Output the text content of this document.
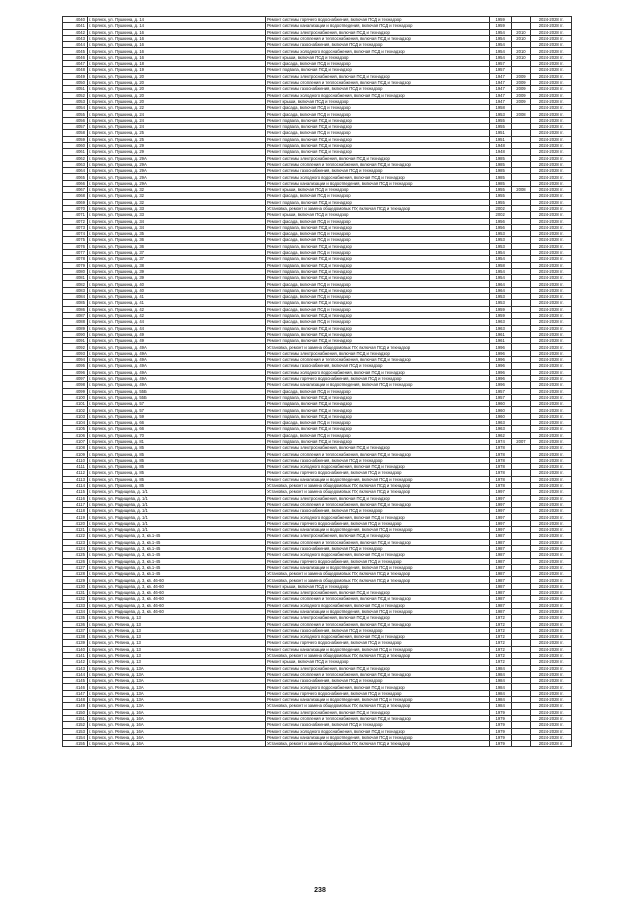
4040	г. Брянск, ул. Пушкина, д. 14	Ремонт системы горячего водоснабжения, включая ПСД и технадзор	1959		2024-2028 гг.
4041	г. Брянск, ул. Пушкина, д. 14	Ремонт системы канализации и водоотведения, включая ПСД и технадзор	1959		2024-2028 гг.
4042	г. Брянск, ул. Пушкина, д. 16	Ремонт системы электроснабжения, включая ПСД и технадзор	1954	2010	2024-2028 гг.
4043	г. Брянск, ул. Пушкина, д. 16	Ремонт системы отопления и теплоснабжения, включая ПСД и технадзор	1954	2010	2024-2028 гг.
4044	г. Брянск, ул. Пушкина, д. 16	Ремонт системы газоснабжения, включая ПСД и технадзор	1954		2024-2028 гг.
4045	г. Брянск, ул. Пушкина, д. 16	Ремонт системы холодного водоснабжения, включая ПСД и технадзор	1954	2010	2024-2028 гг.
4046	г. Брянск, ул. Пушкина, д. 16	Ремонт крыши, включая ПСД и технадзор	1954	2010	2024-2028 гг.
4047	г. Брянск, ул. Пушкина, д. 18	Ремонт фасада, включая ПСД и технадзор	1957		2024-2028 гг.
4048	г. Брянск, ул. Пушкина, д. 19	Ремонт подвала, включая ПСД и технадзор	1957		2024-2028 гг.
4049	г. Брянск, ул. Пушкина, д. 20	Ремонт системы электроснабжения, включая ПСД и технадзор	1947	2009	2024-2028 гг.
4050	г. Брянск, ул. Пушкина, д. 20	Ремонт системы отопления и теплоснабжения, включая ПСД и технадзор	1947	2009	2024-2028 гг.
4051	г. Брянск, ул. Пушкина, д. 20	Ремонт системы газоснабжения, включая ПСД и технадзор	1947	2009	2024-2028 гг.
4052	г. Брянск, ул. Пушкина, д. 20	Ремонт системы холодного водоснабжения, включая ПСД и технадзор	1947	2009	2024-2028 гг.
4053	г. Брянск, ул. Пушкина, д. 20	Ремонт крыши, включая ПСД и технадзор	1947	2009	2024-2028 гг.
4054	г. Брянск, ул. Пушкина, д. 22	Ремонт фасада, включая ПСД и технадзор	1958		2024-2028 гг.
4055	г. Брянск, ул. Пушкина, д. 24	Ремонт фасада, включая ПСД и технадзор	1953	2008	2024-2028 гг.
4056	г. Брянск, ул. Пушкина, д. 24	Ремонт подвала, включая ПСД и технадзор	1955		2024-2028 гг.
4057	г. Брянск, ул. Пушкина, д. 24	Ремонт подвала, включая ПСД и технадзор	1955		2024-2028 гг.
4058	г. Брянск, ул. Пушкина, д. 25	Ремонт фасада, включая ПСД и технадзор	1951		2024-2028 гг.
4059	г. Брянск, ул. Пушкина, д. 25	Ремонт подвала, включая ПСД и технадзор	1951		2024-2028 гг.
4060	г. Брянск, ул. Пушкина, д. 29	Ремонт подвала, включая ПСД и технадзор	1948		2024-2028 гг.
4061	г. Брянск, ул. Пушкина, д. 29	Ремонт подвала, включая ПСД и технадзор	1948		2024-2028 гг.
4062	г. Брянск, ул. Пушкина, д. 29А	Ремонт системы электроснабжения, включая ПСД и технадзор	1985		2024-2028 гг.
4063	г. Брянск, ул. Пушкина, д. 29А	Ремонт системы отопления и теплоснабжения, включая ПСД и технадзор	1985		2024-2028 гг.
4064	г. Брянск, ул. Пушкина, д. 29А	Ремонт системы газоснабжения, включая ПСД и технадзор	1985		2024-2028 гг.
4065	г. Брянск, ул. Пушкина, д. 29А	Ремонт системы холодного водоснабжения, включая ПСД и технадзор	1985		2024-2028 гг.
4066	г. Брянск, ул. Пушкина, д. 29А	Ремонт системы канализации и водоотведения, включая ПСД и технадзор	1985		2024-2028 гг.
4067	г. Брянск, ул. Пушкина, д. 32	Ремонт крыши, включая ПСД и технадзор	1955	2008	2024-2028 гг.
4068	г. Брянск, ул. Пушкина, д. 32	Ремонт фасада, включая ПСД и технадзор	1955		2024-2028 гг.
4069	г. Брянск, ул. Пушкина, д. 32	Ремонт подвала, включая ПСД и технадзор	1955		2024-2028 гг.
4070	г. Брянск, ул. Пушкина, д. 33	Установка, ремонт и замена общедомовых ПУ, включая ПСД и технадзор	2002		2024-2028 гг.
4071	г. Брянск, ул. Пушкина, д. 33	Ремонт крыши, включая ПСД и технадзор	2002		2024-2028 гг.
4072	г. Брянск, ул. Пушкина, д. 34	Ремонт фасада, включая ПСД и технадзор	1956		2024-2028 гг.
4073	г. Брянск, ул. Пушкина, д. 34	Ремонт подвала, включая ПСД и технадзор	1956		2024-2028 гг.
4074	г. Брянск, ул. Пушкина, д. 35	Ремонт фасада, включая ПСД и технадзор	1953		2024-2028 гг.
4075	г. Брянск, ул. Пушкина, д. 36	Ремонт фасада, включая ПСД и технадзор	1953		2024-2028 гг.
4076	г. Брянск, ул. Пушкина, д. 36	Ремонт подвала, включая ПСД и технадзор	1953		2024-2028 гг.
4077	г. Брянск, ул. Пушкина, д. 37	Ремонт фасада, включая ПСД и технадзор	1954		2024-2028 гг.
4078	г. Брянск, ул. Пушкина, д. 37	Ремонт подвала, включая ПСД и технадзор	1954		2024-2028 гг.
4079	г. Брянск, ул. Пушкина, д. 38	Ремонт подвала, включая ПСД и технадзор	1958		2024-2028 гг.
4080	г. Брянск, ул. Пушкина, д. 39	Ремонт подвала, включая ПСД и технадзор	1954		2024-2028 гг.
4081	г. Брянск, ул. Пушкина, д. 39	Ремонт подвала, включая ПСД и технадзор	1954		2024-2028 гг.
4082	г. Брянск, ул. Пушкина, д. 40	Ремонт фасада, включая ПСД и технадзор	1964		2024-2028 гг.
4083	г. Брянск, ул. Пушкина, д. 40	Ремонт подвала, включая ПСД и технадзор	1964		2024-2028 гг.
4084	г. Брянск, ул. Пушкина, д. 41	Ремонт фасада, включая ПСД и технадзор	1953		2024-2028 гг.
4085	г. Брянск, ул. Пушкина, д. 41	Ремонт подвала, включая ПСД и технадзор	1953		2024-2028 гг.
4086	г. Брянск, ул. Пушкина, д. 42	Ремонт фасада, включая ПСД и технадзор	1959		2024-2028 гг.
4087	г. Брянск, ул. Пушкина, д. 42	Ремонт подвала, включая ПСД и технадзор	1959		2024-2028 гг.
4088	г. Брянск, ул. Пушкина, д. 44	Ремонт фасада, включая ПСД и технадзор	1963		2024-2028 гг.
4089	г. Брянск, ул. Пушкина, д. 44	Ремонт подвала, включая ПСД и технадзор	1963		2024-2028 гг.
4090	г. Брянск, ул. Пушкина, д. 49	Ремонт подвала, включая ПСД и технадзор	1961		2024-2028 гг.
4091	г. Брянск, ул. Пушкина, д. 49	Ремонт подвала, включая ПСД и технадзор	1961		2024-2028 гг.
4092	г. Брянск, ул. Пушкина, д. 49А	Установка, ремонт и замена общедомовых ПУ, включая ПСД и технадзор	1996		2024-2028 гг.
4093	г. Брянск, ул. Пушкина, д. 49А	Ремонт системы электроснабжения, включая ПСД и технадзор	1996		2024-2028 гг.
4094	г. Брянск, ул. Пушкина, д. 49А	Ремонт системы отопления и теплоснабжения, включая ПСД и технадзор	1996		2024-2028 гг.
4095	г. Брянск, ул. Пушкина, д. 49А	Ремонт системы газоснабжения, включая ПСД и технадзор	1996		2024-2028 гг.
4096	г. Брянск, ул. Пушкина, д. 49А	Ремонт системы холодного водоснабжения, включая ПСД и технадзор	1996		2024-2028 гг.
4097	г. Брянск, ул. Пушкина, д. 49А	Ремонт системы горячего водоснабжения, включая ПСД и технадзор	1996		2024-2028 гг.
4098	г. Брянск, ул. Пушкина, д. 49А	Ремонт системы канализации и водоотведения, включая ПСД и технадзор	1996		2024-2028 гг.
4099	г. Брянск, ул. Пушкина, д. 55Б	Ремонт фасада, включая ПСД и технадзор	1957		2024-2028 гг.
4100	г. Брянск, ул. Пушкина, д. 55Б	Ремонт подвала, включая ПСД и технадзор	1957		2024-2028 гг.
4101	г. Брянск, ул. Пушкина, д. 57	Ремонт подвала, включая ПСД и технадзор	1960		2024-2028 гг.
4102	г. Брянск, ул. Пушкина, д. 57	Ремонт подвала, включая ПСД и технадзор	1960		2024-2028 гг.
4103	г. Брянск, ул. Пушкина, д. 59	Ремонт подвала, включая ПСД и технадзор	1960		2024-2028 гг.
4104	г. Брянск, ул. Пушкина, д. 66	Ремонт фасада, включая ПСД и технадзор	1963		2024-2028 гг.
4105	г. Брянск, ул. Пушкина, д. 66	Ремонт подвала, включая ПСД и технадзор	1963		2024-2028 гг.
4106	г. Брянск, ул. Пушкина, д. 70	Ремонт фасада, включая ПСД и технадзор	1962		2024-2028 гг.
4107	г. Брянск, ул. Пушкина, д. 81	Ремонт подвала, включая ПСД и технадзор	1974	2007	2024-2028 гг.
4108	г. Брянск, ул. Пушкина, д. 85	Ремонт системы электроснабжения, включая ПСД и технадзор	1978		2024-2028 гг.
4109	г. Брянск, ул. Пушкина, д. 85	Ремонт системы отопления и теплоснабжения, включая ПСД и технадзор	1978		2024-2028 гг.
4110	г. Брянск, ул. Пушкина, д. 85	Ремонт системы газоснабжения, включая ПСД и технадзор	1978		2024-2028 гг.
4111	г. Брянск, ул. Пушкина, д. 85	Ремонт системы холодного водоснабжения, включая ПСД и технадзор	1978		2024-2028 гг.
4112	г. Брянск, ул. Пушкина, д. 85	Ремонт системы горячего водоснабжения, включая ПСД и технадзор	1978		2024-2028 гг.
4113	г. Брянск, ул. Пушкина, д. 85	Ремонт системы канализации и водоотведения, включая ПСД и технадзор	1978		2024-2028 гг.
4114	г. Брянск, ул. Пушкина, д. 85	Установка, ремонт и замена общедомовых ПУ, включая ПСД и технадзор	1978		2024-2028 гг.
4115	г. Брянск, ул. Радищева, д. 1/1	Установка, ремонт и замена общедомовых ПУ, включая ПСД и технадзор	1997		2024-2028 гг.
4116	г. Брянск, ул. Радищева, д. 1/1	Ремонт системы электроснабжения, включая ПСД и технадзор	1997		2024-2028 гг.
4117	г. Брянск, ул. Радищева, д. 1/1	Ремонт системы отопления и теплоснабжения, включая ПСД и технадзор	1997		2024-2028 гг.
4118	г. Брянск, ул. Радищева, д. 1/1	Ремонт системы газоснабжения, включая ПСД и технадзор	1997		2024-2028 гг.
4119	г. Брянск, ул. Радищева, д. 1/1	Ремонт системы холодного водоснабжения, включая ПСД и технадзор	1997		2024-2028 гг.
4120	г. Брянск, ул. Радищева, д. 1/1	Ремонт системы горячего водоснабжения, включая ПСД и технадзор	1997		2024-2028 гг.
4121	г. Брянск, ул. Радищева, д. 1/1	Ремонт системы канализации и водоотведения, включая ПСД и технадзор	1997		2024-2028 гг.
4122	г. Брянск, ул. Радищева, д. 3, кв.1-45	Ремонт системы электроснабжения, включая ПСД и технадзор	1987		2024-2028 гг.
4123	г. Брянск, ул. Радищева, д. 3, кв.1-45	Ремонт системы отопления и теплоснабжения, включая ПСД и технадзор	1987		2024-2028 гг.
4124	г. Брянск, ул. Радищева, д. 3, кв.1-45	Ремонт системы газоснабжения, включая ПСД и технадзор	1987		2024-2028 гг.
4125	г. Брянск, ул. Радищева, д. 3, кв.1-45	Ремонт системы холодного водоснабжения, включая ПСД и технадзор	1987		2024-2028 гг.
4126	г. Брянск, ул. Радищева, д. 3, кв.1-45	Ремонт системы горячего водоснабжения, включая ПСД и технадзор	1987		2024-2028 гг.
4127	г. Брянск, ул. Радищева, д. 3, кв.1-45	Ремонт системы канализации и водоотведения, включая ПСД и технадзор	1987		2024-2028 гг.
4128	г. Брянск, ул. Радищева, д. 3, кв.1-45	Установка, ремонт и замена общедомовых ПУ, включая ПСД и технадзор	1987		2024-2028 гг.
4129	г. Брянск, ул. Радищева, д. 3, кв. 46-60	Установка, ремонт и замена общедомовых ПУ, включая ПСД и технадзор	1987		2024-2028 гг.
4130	г. Брянск, ул. Радищева, д. 3, кв. 46-60	Ремонт крыши, включая ПСД и технадзор	1987		2024-2028 гг.
4131	г. Брянск, ул. Радищева, д. 3, кв. 46-60	Ремонт системы электроснабжения, включая ПСД и технадзор	1987		2024-2028 гг.
4132	г. Брянск, ул. Радищева, д. 3, кв. 46-60	Ремонт системы отопления и теплоснабжения, включая ПСД и технадзор	1987		2024-2028 гг.
4133	г. Брянск, ул. Радищева, д. 3, кв. 46-60	Ремонт системы холодного водоснабжения, включая ПСД и технадзор	1987		2024-2028 гг.
4134	г. Брянск, ул. Радищева, д. 3, кв. 46-60	Ремонт системы канализации и водоотведения, включая ПСД и технадзор	1987		2024-2028 гг.
4135	г. Брянск, ул. Репина, д. 13	Ремонт системы электроснабжения, включая ПСД и технадзор	1972		2024-2028 гг.
4136	г. Брянск, ул. Репина, д. 13	Ремонт системы отопления и теплоснабжения, включая ПСД и технадзор	1972		2024-2028 гг.
4137	г. Брянск, ул. Репина, д. 13	Ремонт системы газоснабжения, включая ПСД и технадзор	1972		2024-2028 гг.
4138	г. Брянск, ул. Репина, д. 13	Ремонт системы холодного водоснабжения, включая ПСД и технадзор	1972		2024-2028 гг.
4139	г. Брянск, ул. Репина, д. 13	Ремонт системы горячего водоснабжения, включая ПСД и технадзор	1972		2024-2028 гг.
4140	г. Брянск, ул. Репина, д. 13	Ремонт системы канализации и водоотведения, включая ПСД и технадзор	1972		2024-2028 гг.
4141	г. Брянск, ул. Репина, д. 13	Установка, ремонт и замена общедомовых ПУ, включая ПСД и технадзор	1972		2024-2028 гг.
4142	г. Брянск, ул. Репина, д. 13	Ремонт крыши, включая ПСД и технадзор	1972		2024-2028 гг.
4143	г. Брянск, ул. Репина, д. 13А	Ремонт системы электроснабжения, включая ПСД и технадзор	1984		2024-2028 гг.
4144	г. Брянск, ул. Репина, д. 13А	Ремонт системы отопления и теплоснабжения, включая ПСД и технадзор	1984		2024-2028 гг.
4145	г. Брянск, ул. Репина, д. 13А	Ремонт системы газоснабжения, включая ПСД и технадзор	1984		2024-2028 гг.
4146	г. Брянск, ул. Репина, д. 13А	Ремонт системы холодного водоснабжения, включая ПСД и технадзор	1984		2024-2028 гг.
4147	г. Брянск, ул. Репина, д. 13А	Ремонт системы горячего водоснабжения, включая ПСД и технадзор	1984		2024-2028 гг.
4148	г. Брянск, ул. Репина, д. 13А	Ремонт системы канализации и водоотведения, включая ПСД и технадзор	1984		2024-2028 гг.
4149	г. Брянск, ул. Репина, д. 13А	Установка, ремонт и замена общедомовых ПУ, включая ПСД и технадзор	1984		2024-2028 гг.
4150	г. Брянск, ул. Репина, д. 16А	Ремонт системы электроснабжения, включая ПСД и технадзор	1979		2024-2028 гг.
4151	г. Брянск, ул. Репина, д. 16А	Ремонт системы отопления и теплоснабжения, включая ПСД и технадзор	1979		2024-2028 гг.
4152	г. Брянск, ул. Репина, д. 16А	Ремонт системы газоснабжения, включая ПСД и технадзор	1979		2024-2028 гг.
4153	г. Брянск, ул. Репина, д. 16А	Ремонт системы холодного водоснабжения, включая ПСД и технадзор	1979		2024-2028 гг.
4154	г. Брянск, ул. Репина, д. 16А	Ремонт системы канализации и водоотведения, включая ПСД и технадзор	1979		2024-2028 гг.
4155	г. Брянск, ул. Репина, д. 16А	Установка, ремонт и замена общедомовых ПУ, включая ПСД и технадзор	1979		2024-2028 гг.
238
